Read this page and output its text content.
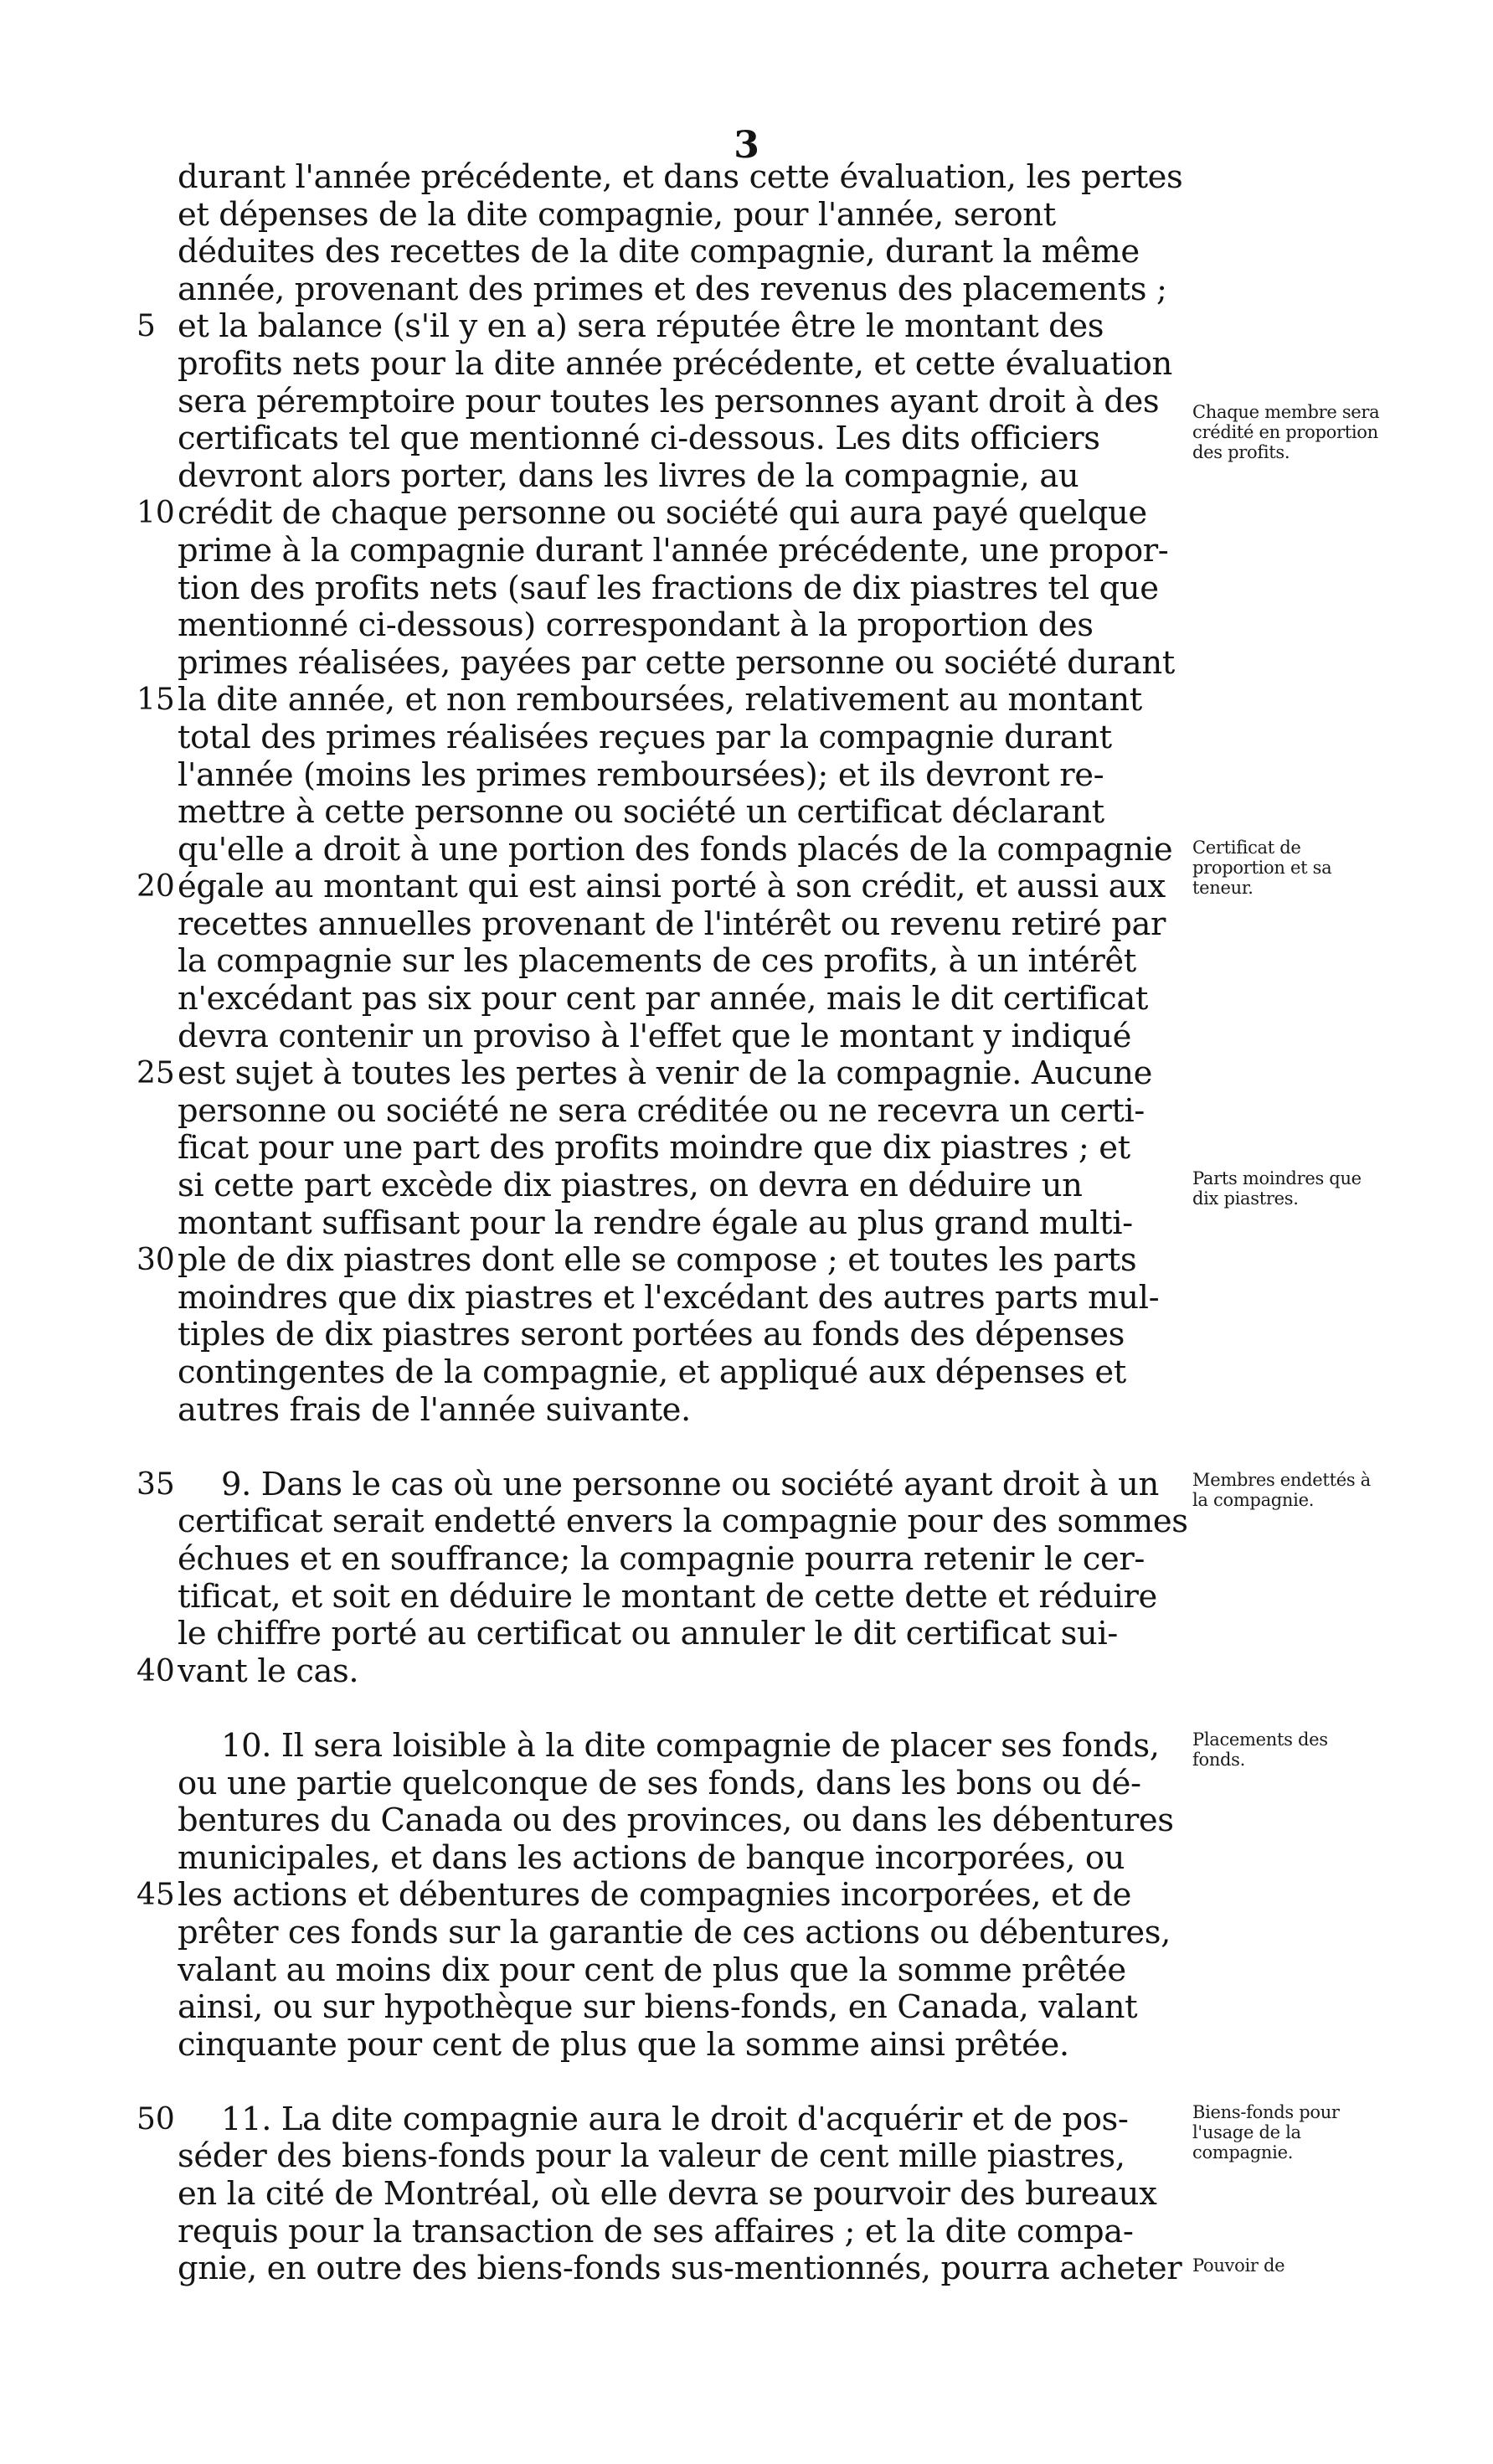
3
durant l'année précédente, et dans cette évaluation, les pertes
et dépenses de la dite compagnie, pour l'année, seront
déduites des recettes de la dite compagnie, durant la même
année, provenant des primes et des revenus des placements ;
et la balance (s'il y en a) sera réputée être le montant des
profits nets pour la dite année précédente, et cette évaluation
sera péremptoire pour toutes les personnes ayant droit à des
certificats tel que mentionné ci-dessous. Les dits officiers
devront alors porter, dans les livres de la compagnie, au
crédit de chaque personne ou société qui aura payé quelque
prime à la compagnie durant l'année précédente, une propor-
tion des profits nets (sauf les fractions de dix piastres tel que
mentionné ci-dessous) correspondant à la proportion des
primes réalisées, payées par cette personne ou société durant
la dite année, et non remboursées, relativement au montant
total des primes réalisées reçues par la compagnie durant
l'année (moins les primes remboursées); et ils devront re-
mettre à cette personne ou société un certificat déclarant
qu'elle a droit à une portion des fonds placés de la compagnie
égale au montant qui est ainsi porté à son crédit, et aussi aux
recettes annuelles provenant de l'intérêt ou revenu retiré par
la compagnie sur les placements de ces profits, à un intérêt
n'excédant pas six pour cent par année, mais le dit certificat
devra contenir un proviso à l'effet que le montant y indiqué
est sujet à toutes les pertes à venir de la compagnie. Aucune
personne ou société ne sera créditée ou ne recevra un certi-
ficat pour une part des profits moindre que dix piastres ; et
si cette part excède dix piastres, on devra en déduire un
montant suffisant pour la rendre égale au plus grand multi-
ple de dix piastres dont elle se compose ; et toutes les parts
moindres que dix piastres et l'excédant des autres parts mul-
tiples de dix piastres seront portées au fonds des dépenses
contingentes de la compagnie, et appliqué aux dépenses et
autres frais de l'année suivante.
9. Dans le cas où une personne ou société ayant droit à un
certificat serait endetté envers la compagnie pour des sommes
échues et en souffrance; la compagnie pourra retenir le cer-
tificat, et soit en déduire le montant de cette dette et réduire
le chiffre porté au certificat ou annuler le dit certificat sui-
vant le cas.
10. Il sera loisible à la dite compagnie de placer ses fonds,
ou une partie quelconque de ses fonds, dans les bons ou dé-
bentures du Canada ou des provinces, ou dans les débentures
municipales, et dans les actions de banque incorporées, ou
les actions et débentures de compagnies incorporées, et de
prêter ces fonds sur la garantie de ces actions ou débentures,
valant au moins dix pour cent de plus que la somme prêtée
ainsi, ou sur hypothèque sur biens-fonds, en Canada, valant
cinquante pour cent de plus que la somme ainsi prêtée.
11. La dite compagnie aura le droit d'acquérir et de pos-
séder des biens-fonds pour la valeur de cent mille piastres,
en la cité de Montréal, où elle devra se pourvoir des bureaux
requis pour la transaction de ses affaires ; et la dite compa-
gnie, en outre des biens-fonds sus-mentionnés, pourra acheter
5
10
15
20
25
30
35
40
45
50
Chaque membre sera crédité en proportion des profits.
Certificat de proportion et sa teneur.
Parts moindres que dix piastres.
Membres endettés à la compagnie.
Placements des fonds.
Biens-fonds pour l'usage de la compagnie.
Pouvoir de
